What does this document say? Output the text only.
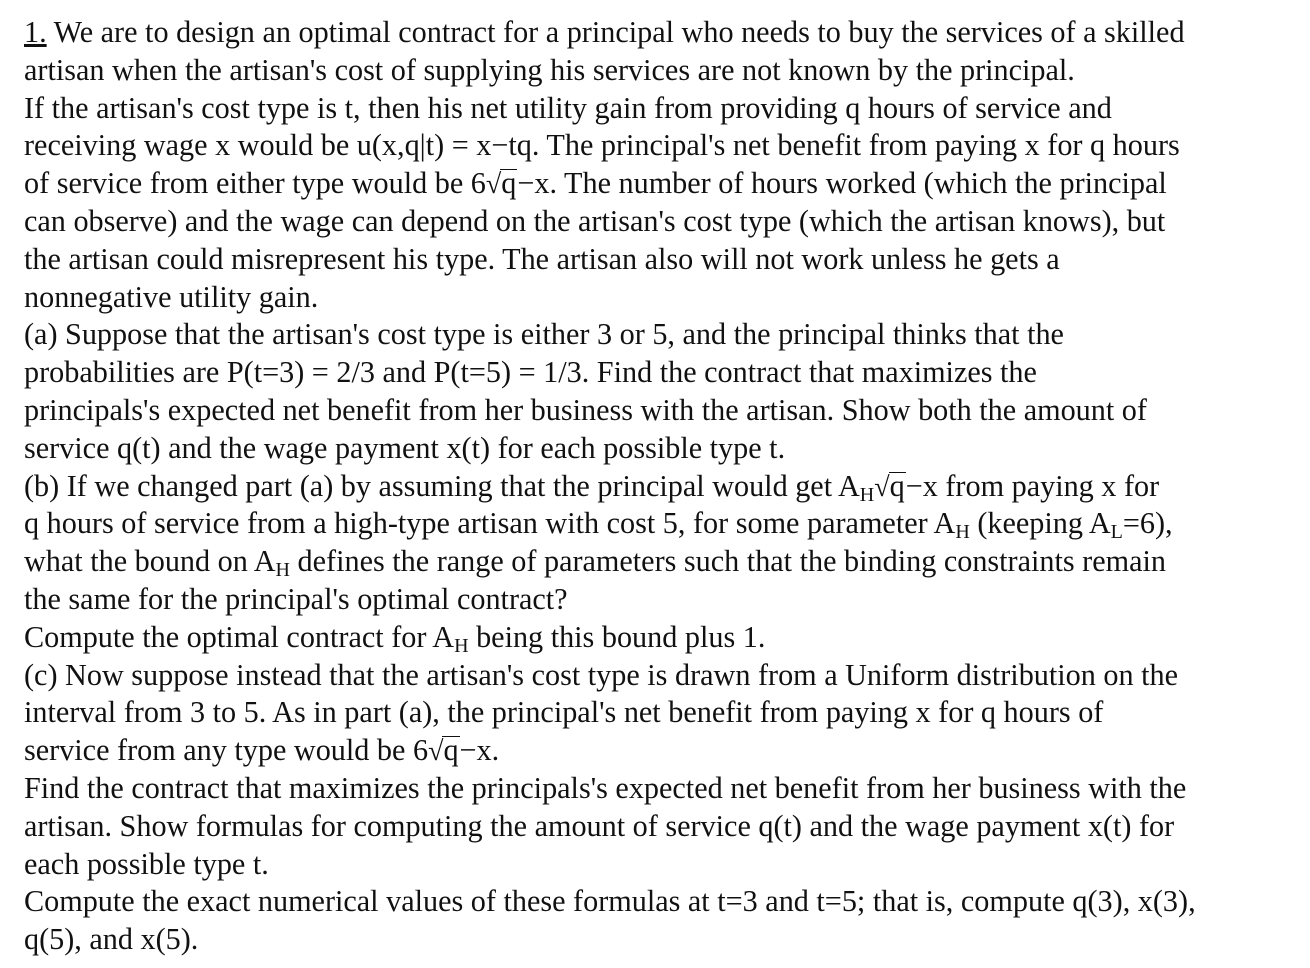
1. We are to design an optimal contract for a principal who needs to buy the services of a skilled
artisan when the artisan's cost of supplying his services are not known by the principal.
If the artisan's cost type is t, then his net utility gain from providing q hours of service and
receiving wage x would be u(x,q|t) = x−tq. The principal's net benefit from paying x for q hours
of service from either type would be 6√q−x. The number of hours worked (which the principal
can observe) and the wage can depend on the artisan's cost type (which the artisan knows), but
the artisan could misrepresent his type. The artisan also will not work unless he gets a
nonnegative utility gain.
(a) Suppose that the artisan's cost type is either 3 or 5, and the principal thinks that the
probabilities are P(t=3) = 2/3 and P(t=5) = 1/3. Find the contract that maximizes the
principals's expected net benefit from her business with the artisan. Show both the amount of
service q(t) and the wage payment x(t) for each possible type t.
(b) If we changed part (a) by assuming that the principal would get $A_H√q-x$ from paying x for
q hours of service from a high-type artisan with cost 5, for some parameter $A_H$ (keeping $A_L=6$),
what the bound on $A_H$ defines the range of parameters such that the binding constraints remain
the same for the principal's optimal contract?
Compute the optimal contract for $A_H$ being this bound plus 1.
(c) Now suppose instead that the artisan's cost type is drawn from a Uniform distribution on the
interval from 3 to 5. As in part (a), the principal's net benefit from paying x for q hours of
service from any type would be 6√q−x.
Find the contract that maximizes the principals's expected net benefit from her business with the
artisan. Show formulas for computing the amount of service q(t) and the wage payment x(t) for
each possible type t.
Compute the exact numerical values of these formulas at t=3 and t=5; that is, compute q(3), x(3),
q(5), and x(5).
